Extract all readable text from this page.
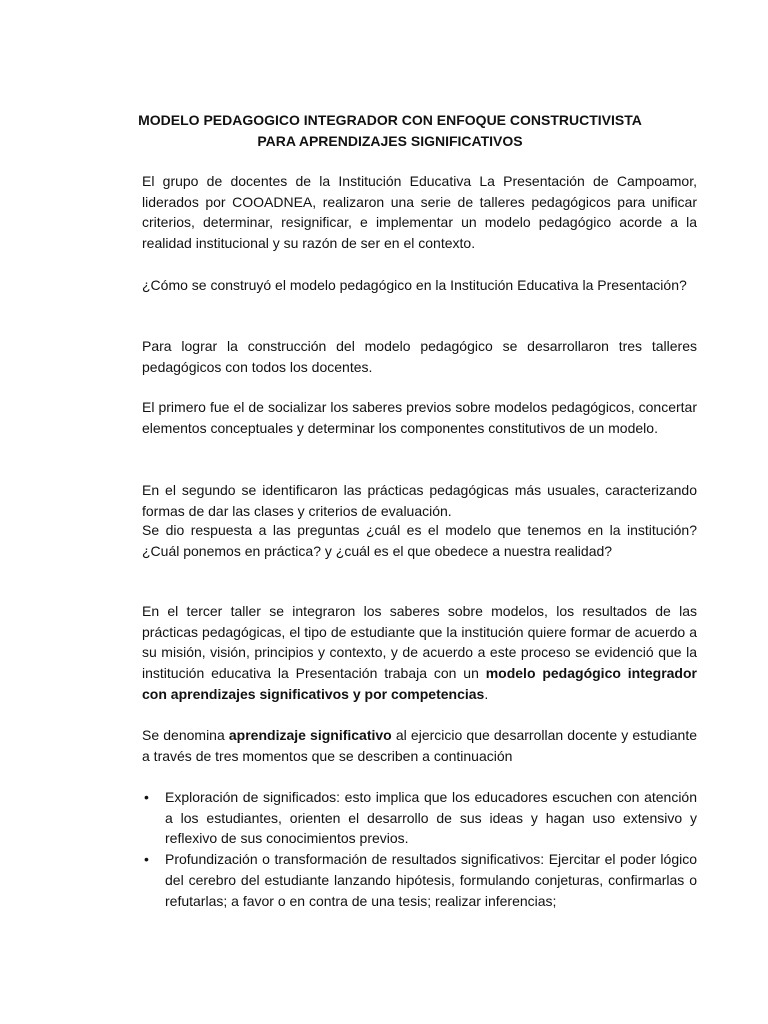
MODELO PEDAGOGICO INTEGRADOR CON ENFOQUE CONSTRUCTIVISTA
PARA APRENDIZAJES SIGNIFICATIVOS
El grupo de docentes de la Institución Educativa La Presentación de Campoamor, liderados por COOADNEA, realizaron una serie de talleres pedagógicos para unificar criterios, determinar, resignificar, e implementar un modelo pedagógico acorde a la realidad institucional y su razón de ser en el contexto.
¿Cómo se construyó el modelo pedagógico en la Institución Educativa la Presentación?
Para lograr la construcción del modelo pedagógico se desarrollaron tres talleres pedagógicos con todos los docentes.
El primero fue el de socializar los saberes previos sobre modelos pedagógicos, concertar elementos conceptuales y determinar los componentes constitutivos de un modelo.
En el segundo se identificaron las prácticas pedagógicas más usuales, caracterizando formas de dar las clases y criterios de evaluación.
Se dio respuesta a las preguntas ¿cuál es el modelo que tenemos en la institución? ¿Cuál ponemos en práctica? y ¿cuál es el que obedece a nuestra realidad?
En el tercer taller se integraron los saberes sobre modelos, los resultados de las prácticas pedagógicas, el tipo de estudiante que la institución quiere formar de acuerdo a su misión, visión, principios y contexto, y de acuerdo a este proceso se evidenció que la institución educativa la Presentación trabaja con un modelo pedagógico integrador con aprendizajes significativos y por competencias.
Se denomina aprendizaje significativo al ejercicio que desarrollan docente y estudiante a través de tres momentos que se describen a continuación
• Exploración de significados: esto implica que los educadores escuchen con atención a los estudiantes, orienten el desarrollo de sus ideas y hagan uso extensivo y reflexivo de sus conocimientos previos.
• Profundización o transformación de resultados significativos: Ejercitar el poder lógico del cerebro del estudiante lanzando hipótesis, formulando conjeturas, confirmarlas o refutarlas; a favor o en contra de una tesis; realizar inferencias;
